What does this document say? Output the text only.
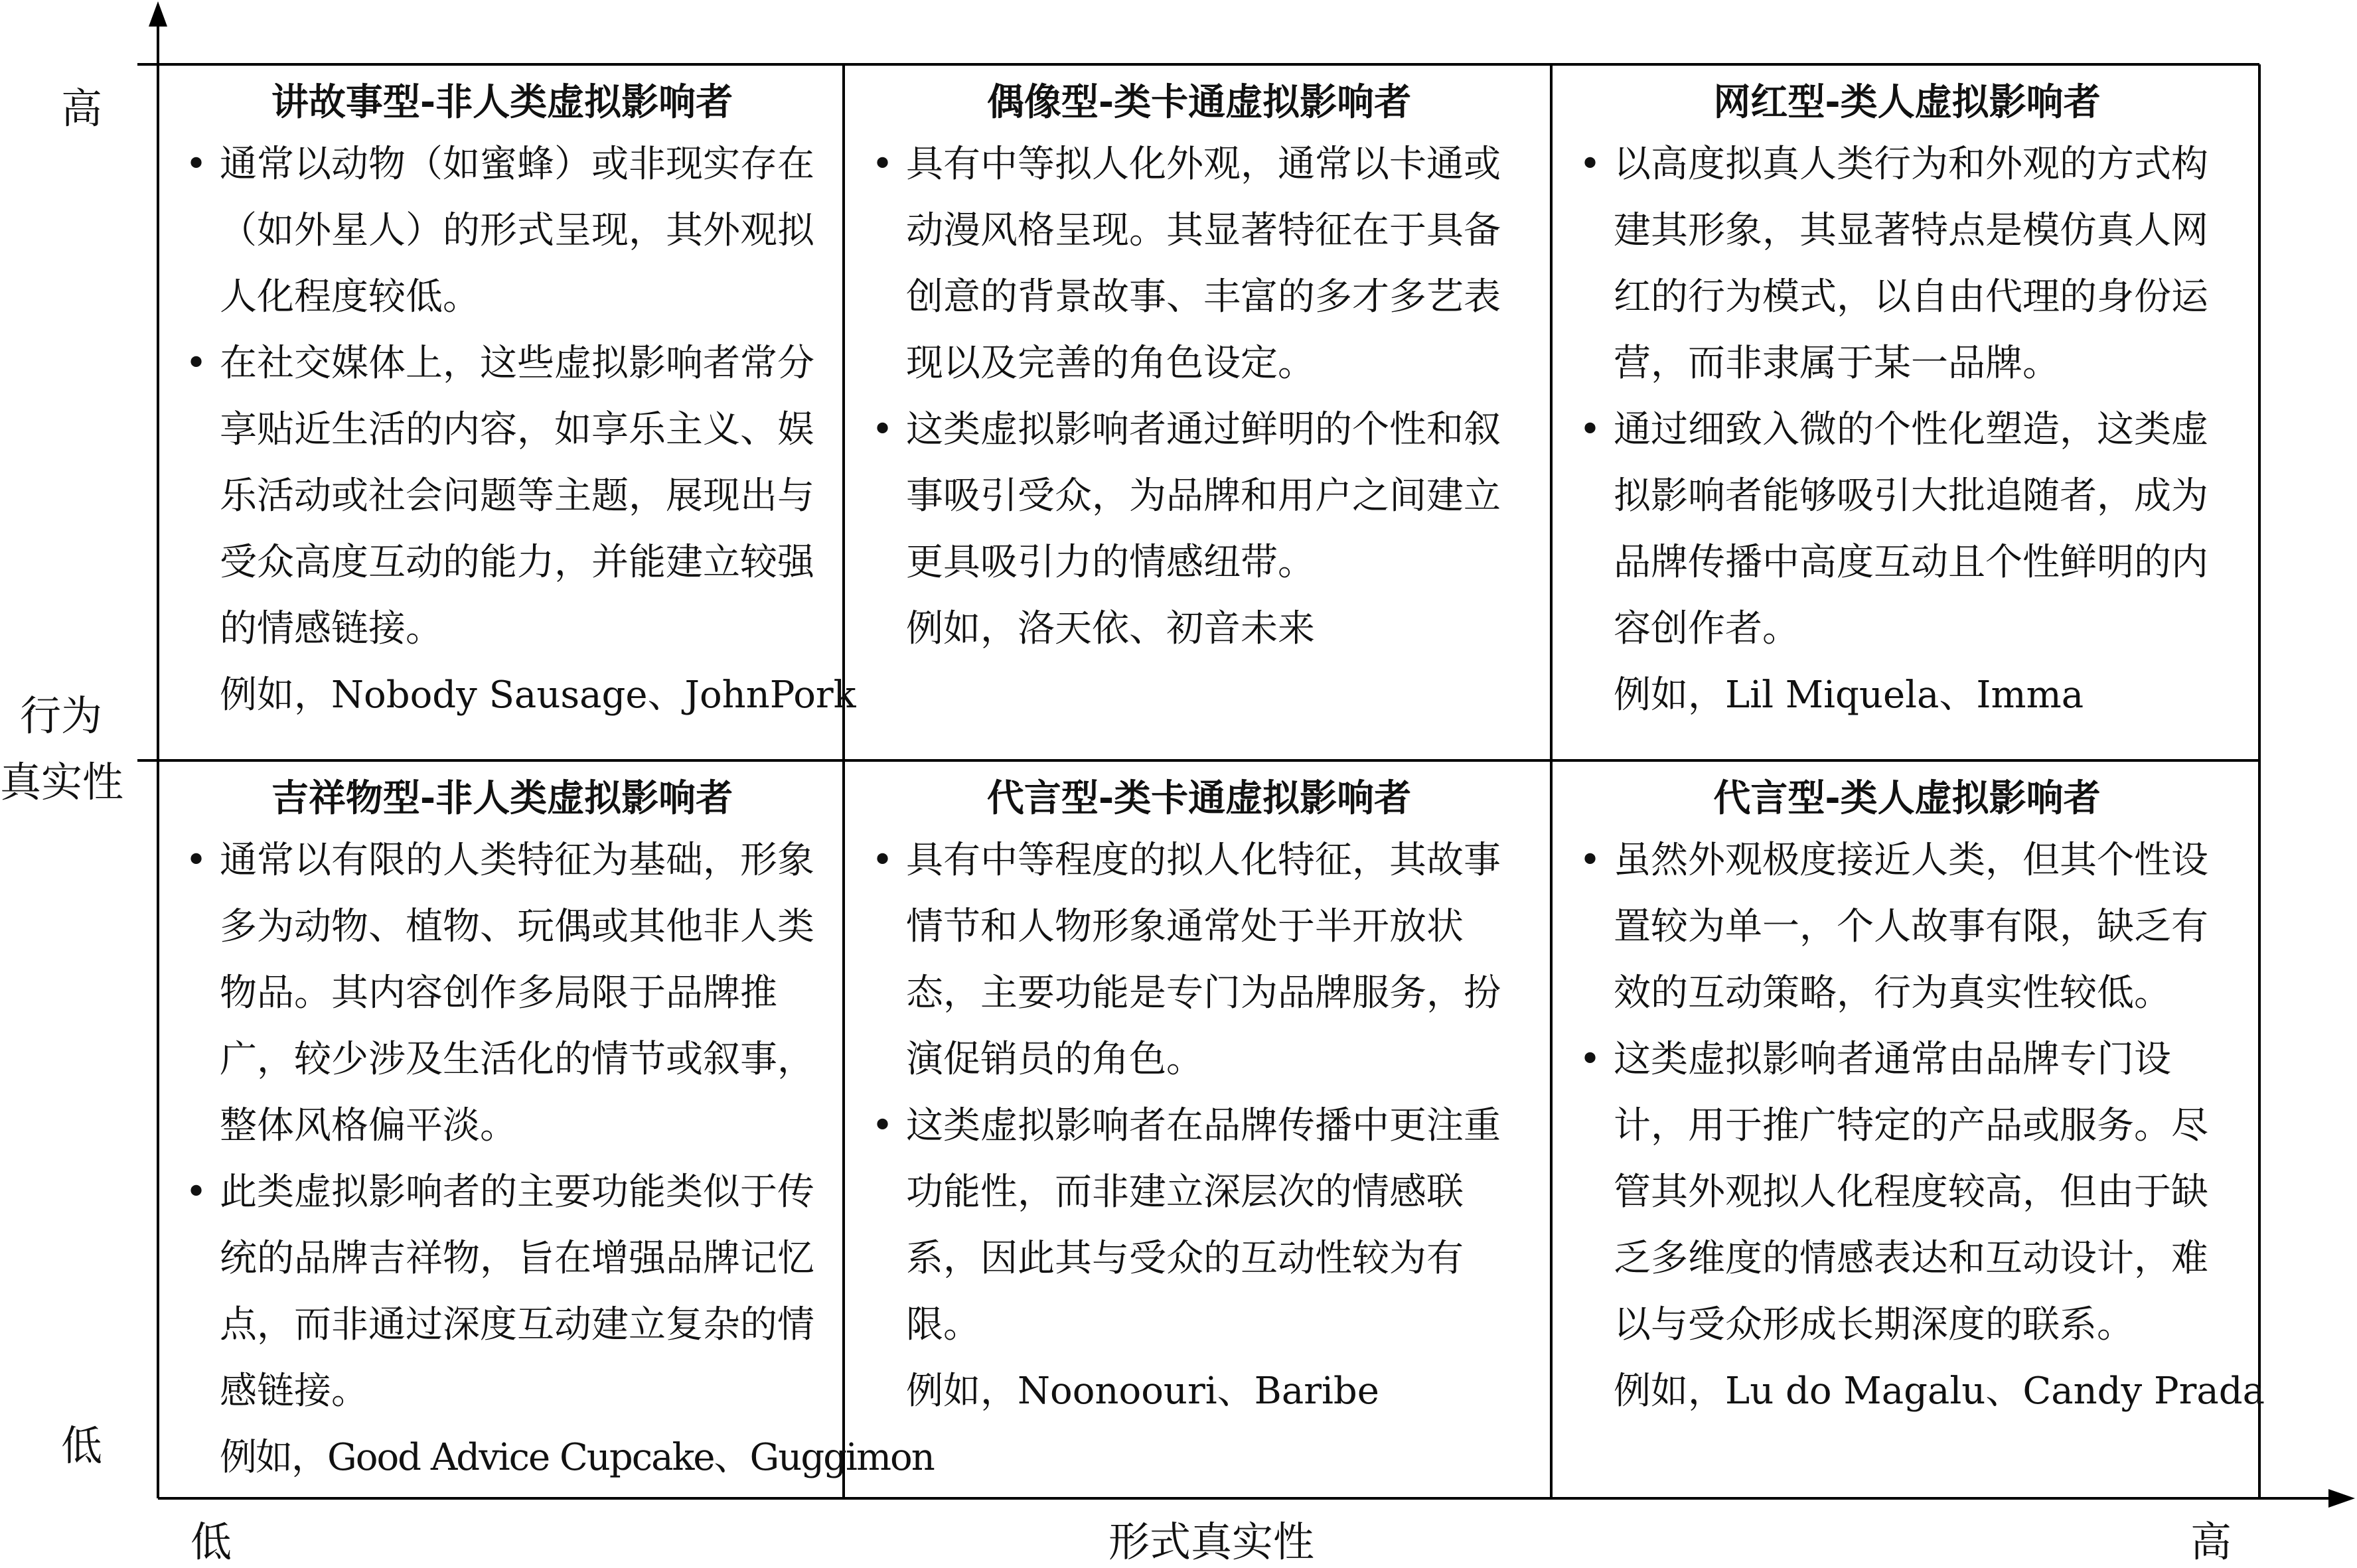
高
行为
真实性
低
低	形式真实性	高
讲故事型-非人类虚拟影响者
• 通常以动物（如蜜蜂）或非现实存在（如外星人）的形式呈现，其外观拟人化程度较低。
• 在社交媒体上，这些虚拟影响者常分享贴近生活的内容，如享乐主义、娱乐活动或社会问题等主题，展现出与受众高度互动的能力，并能建立较强的情感链接。
例如，Nobody Sausage、JohnPork
偶像型-类卡通虚拟影响者
• 具有中等拟人化外观，通常以卡通或动漫风格呈现。其显著特征在于具备创意的背景故事、丰富的多才多艺表现以及完善的角色设定。
• 这类虚拟影响者通过鲜明的个性和叙事吸引受众，为品牌和用户之间建立更具吸引力的情感纽带。
例如，洛天依、初音未来
网红型-类人虚拟影响者
• 以高度拟真人类行为和外观的方式构建其形象，其显著特点是模仿真人网红的行为模式，以自由代理的身份运营，而非隶属于某一品牌。
• 通过细致入微的个性化塑造，这类虚拟影响者能够吸引大批追随者，成为品牌传播中高度互动且个性鲜明的内容创作者。
例如，Lil Miquela、Imma
吉祥物型-非人类虚拟影响者
• 通常以有限的人类特征为基础，形象多为动物、植物、玩偶或其他非人类物品。其内容创作多局限于品牌推广，较少涉及生活化的情节或叙事，整体风格偏平淡。
• 此类虚拟影响者的主要功能类似于传统的品牌吉祥物，旨在增强品牌记忆点，而非通过深度互动建立复杂的情感链接。
例如，Good Advice Cupcake、Guggimon
代言型-类卡通虚拟影响者
• 具有中等程度的拟人化特征，其故事情节和人物形象通常处于半开放状态，主要功能是专门为品牌服务，扮演促销员的角色。
• 这类虚拟影响者在品牌传播中更注重功能性，而非建立深层次的情感联系，因此其与受众的互动性较为有限。
例如，Noonoouri、Baribe
代言型-类人虚拟影响者
• 虽然外观极度接近人类，但其个性设置较为单一，个人故事有限，缺乏有效的互动策略，行为真实性较低。
• 这类虚拟影响者通常由品牌专门设计，用于推广特定的产品或服务。尽管其外观拟人化程度较高，但由于缺乏多维度的情感表达和互动设计，难以与受众形成长期深度的联系。
例如，Lu do Magalu、Candy Prada
